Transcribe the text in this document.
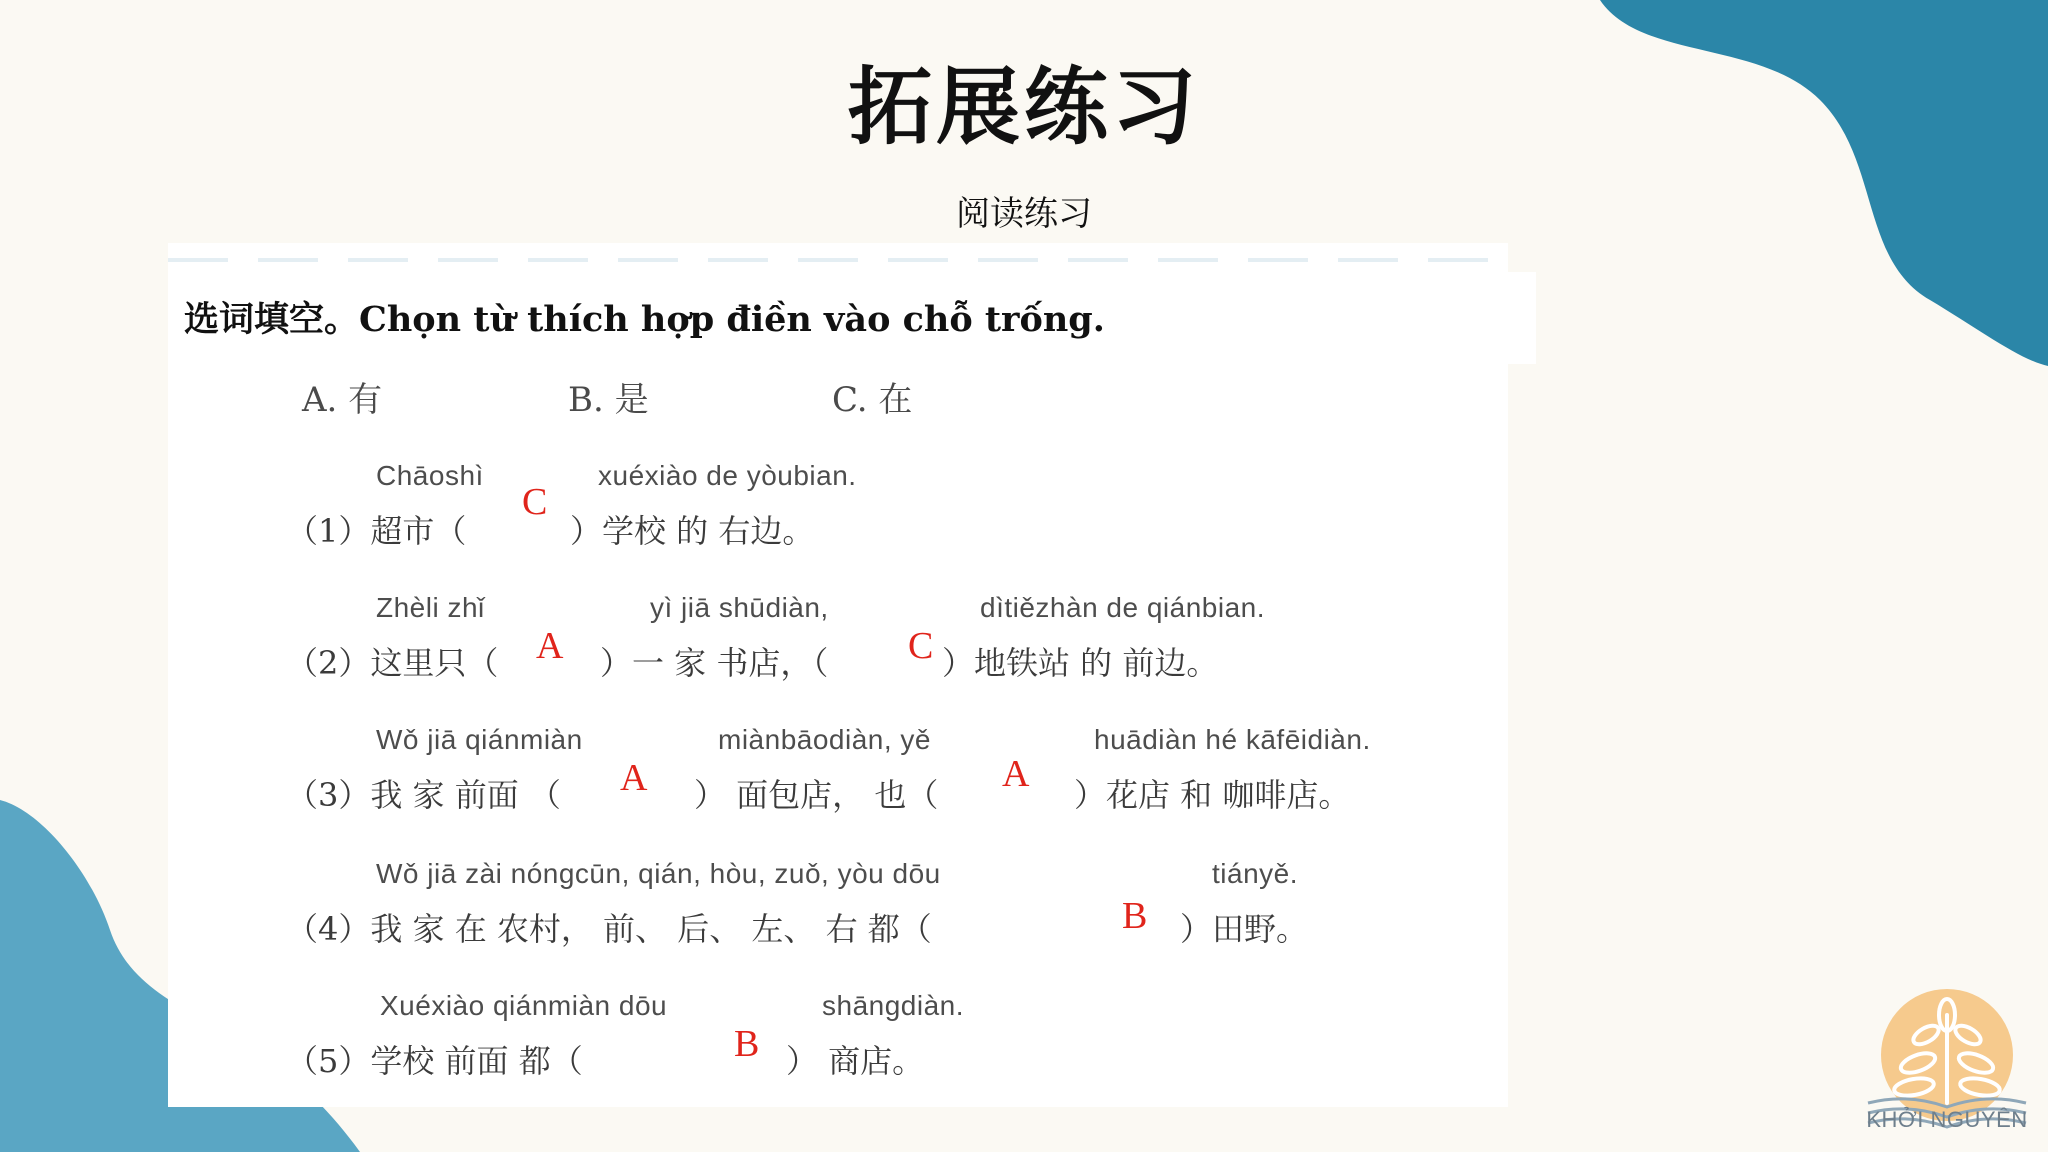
拓展练习
阅读练习
选词填空。Chọn từ thích hợp điền vào chỗ trống.
A. 有	B. 是	C. 在
Chāoshì	xuéxiào de yòubian.
（1）超市（	）学校 的 右边。
C
Zhèli zhǐ	yì jiā shūdiàn,	dìtiězhàn de qiánbian.
（2）这里只（	）一 家 书店，（	）地铁站 的 前边。
A	C
Wǒ jiā qiánmiàn	miànbāodiàn, yě	huādiàn hé kāfēidiàn.
（3）我 家 前面 （	） 面包店， 也（	）花店 和 咖啡店。
A	A
Wǒ jiā zài nóngcūn, qián, hòu, zuǒ, yòu dōu	tiányě.
（4）我 家 在 农村， 前、 后、 左、 右 都（	）田野。
B
Xuéxiào qiánmiàn dōu	shāngdiàn.
（5）学校 前面 都（	） 商店。
B
KHỞI NGUYÊN
